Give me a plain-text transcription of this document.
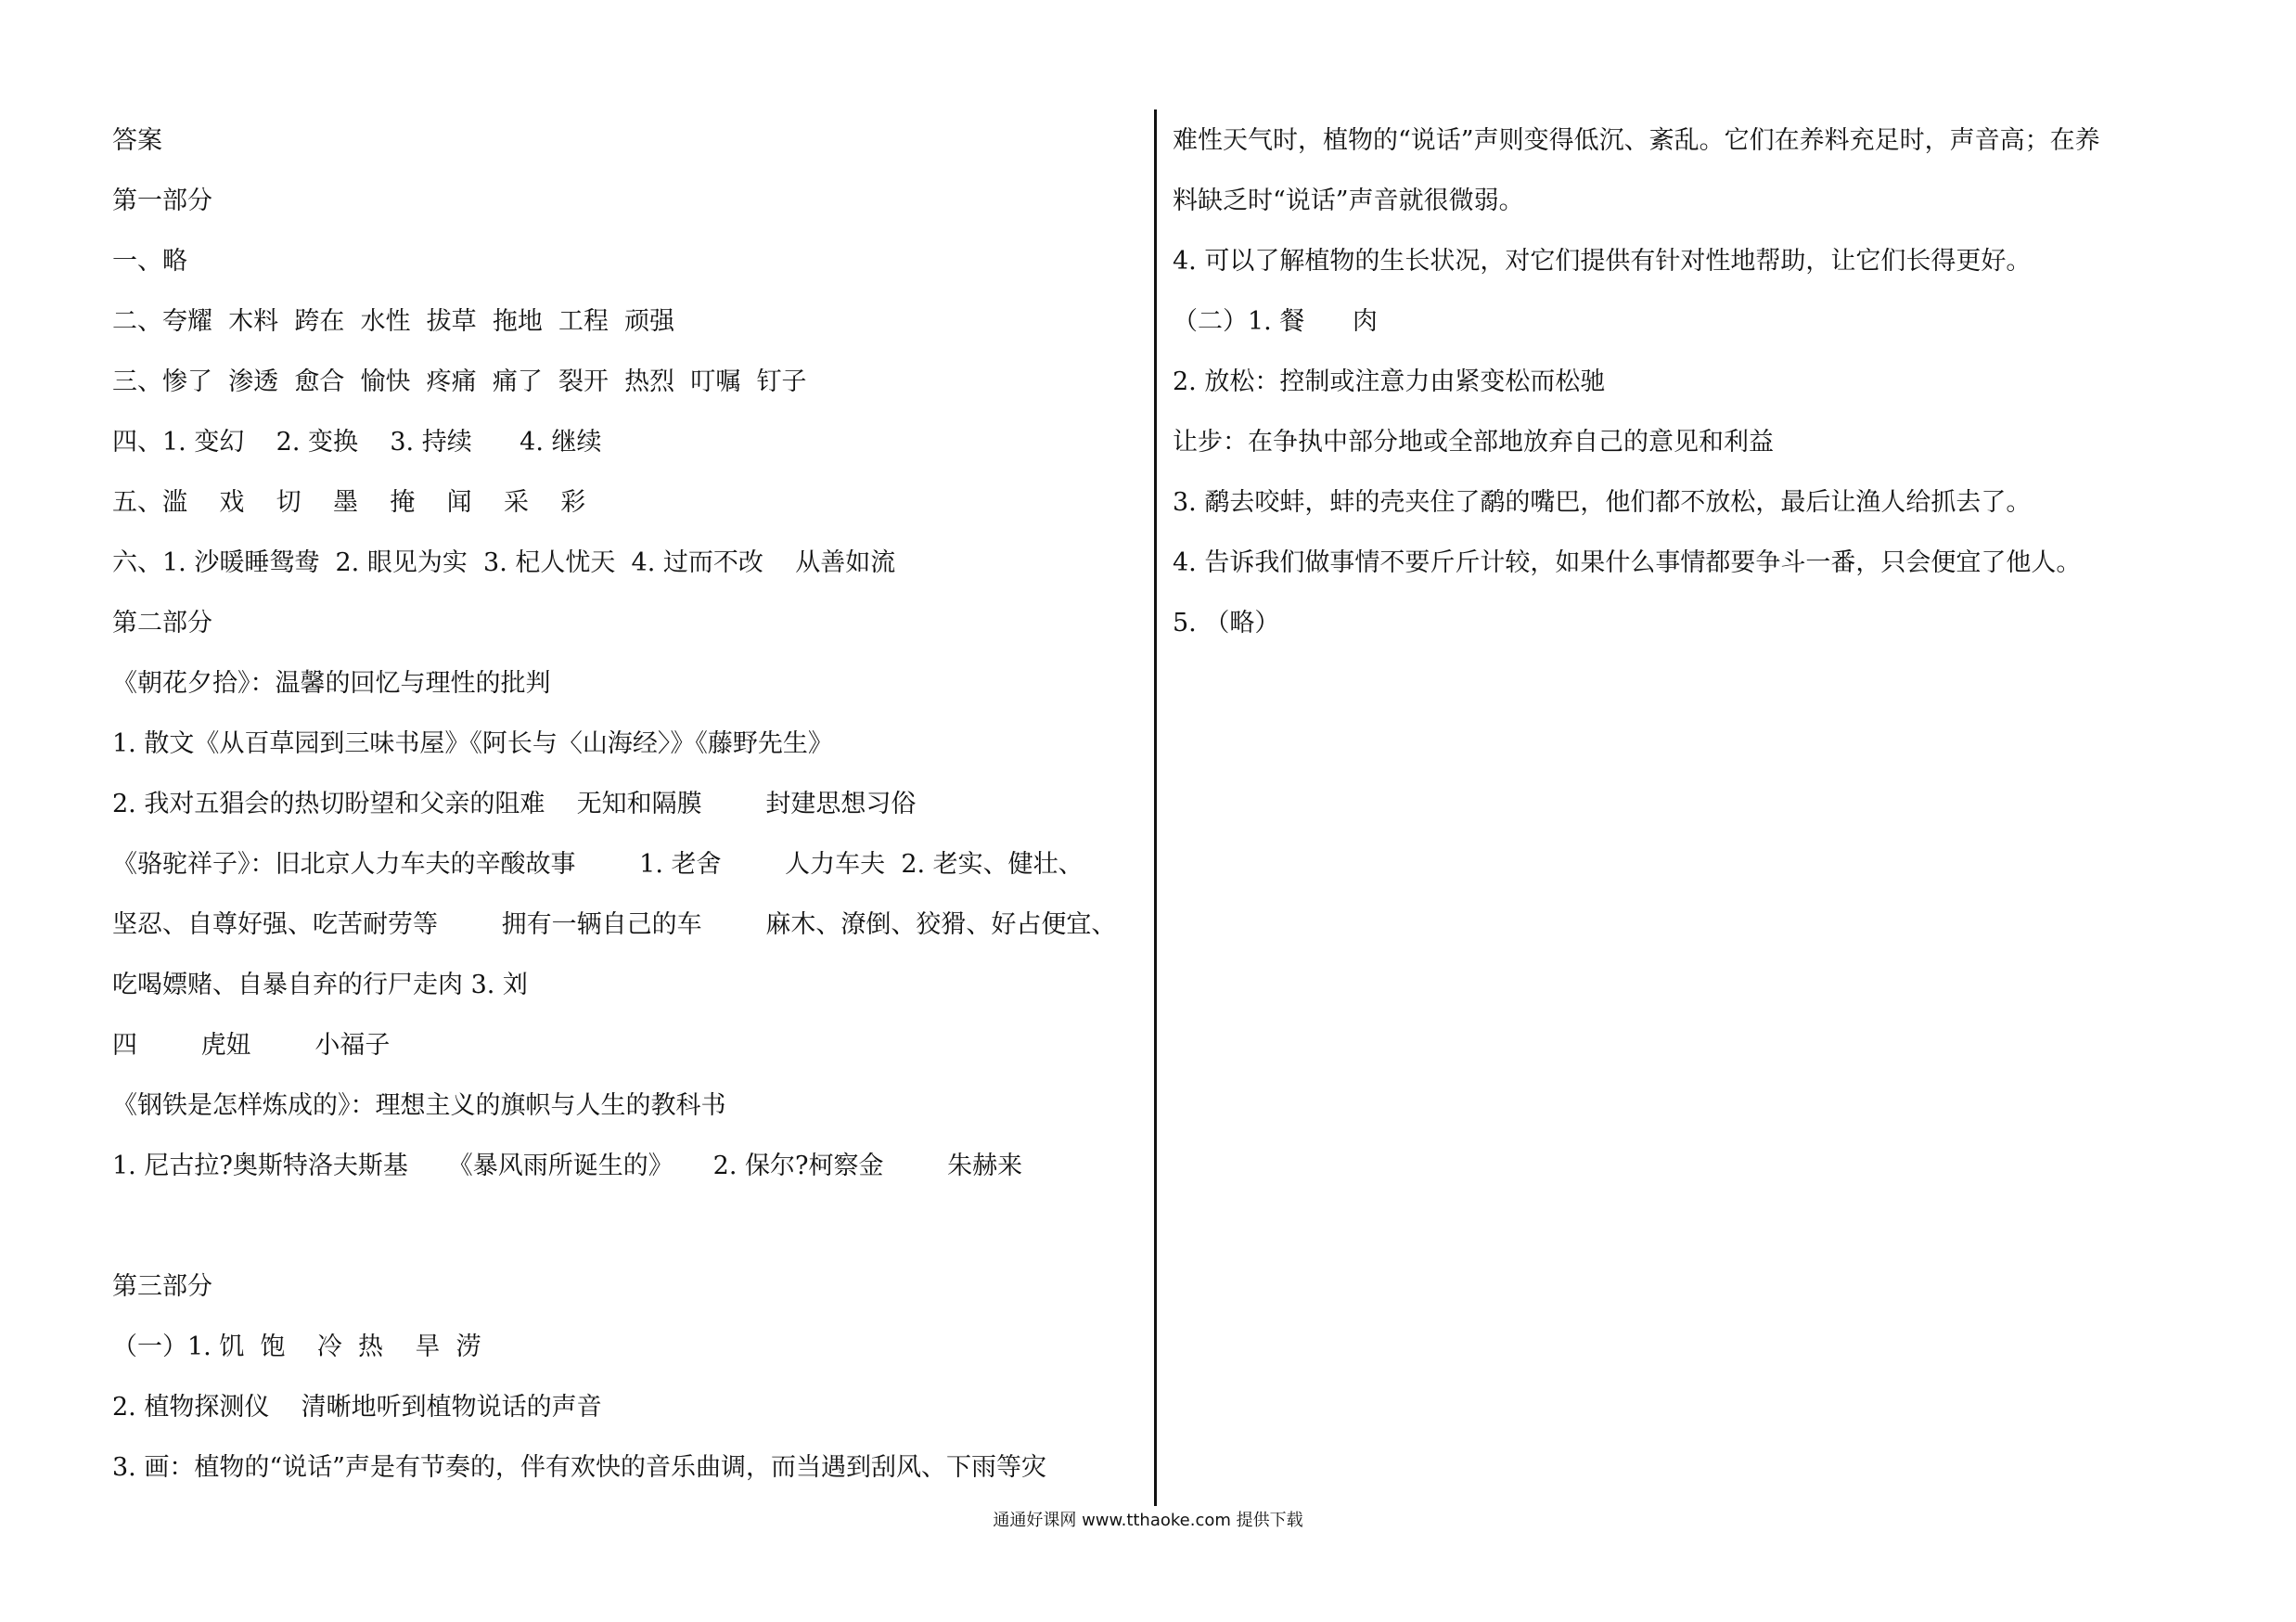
答案
第一部分
一、略
二、夸耀  木料  跨在  水性  拔草  拖地  工程  顽强
三、惨了  渗透  愈合  愉快  疼痛  痛了  裂开  热烈  叮嘱  钉子
四、1. 变幻    2. 变换    3. 持续      4. 继续
五、滥    戏    切    墨    掩    闻    采    彩
六、1. 沙暖睡鸳鸯  2. 眼见为实  3. 杞人忧天  4. 过而不改    从善如流
第二部分
《朝花夕拾》：温馨的回忆与理性的批判
1. 散文《从百草园到三味书屋》《阿长与〈山海经〉》《藤野先生》
2. 我对五猖会的热切盼望和父亲的阻难    无知和隔膜        封建思想习俗
《骆驼祥子》：旧北京人力车夫的辛酸故事        1. 老舍        人力车夫  2. 老实、健壮、
坚忍、自尊好强、吃苦耐劳等        拥有一辆自己的车        麻木、潦倒、狡猾、好占便宜、
吃喝嫖赌、自暴自弃的行尸走肉 3. 刘
四        虎妞        小福子
《钢铁是怎样炼成的》：理想主义的旗帜与人生的教科书
1. 尼古拉?奥斯特洛夫斯基     《暴风雨所诞生的》     2. 保尔?柯察金        朱赫来
第三部分
（一）1. 饥  饱    冷  热    旱  涝
2. 植物探测仪    清晰地听到植物说话的声音
3. 画：植物的“说话”声是有节奏的，伴有欢快的音乐曲调，而当遇到刮风、下雨等灾
难性天气时，植物的“说话”声则变得低沉、紊乱。它们在养料充足时，声音高；在养
料缺乏时“说话”声音就很微弱。
4. 可以了解植物的生长状况，对它们提供有针对性地帮助，让它们长得更好。
（二）1. 餐      肉
2. 放松：控制或注意力由紧变松而松驰
让步：在争执中部分地或全部地放弃自己的意见和利益
3. 鹬去咬蚌，蚌的壳夹住了鹬的嘴巴，他们都不放松，最后让渔人给抓去了。
4. 告诉我们做事情不要斤斤计较，如果什么事情都要争斗一番，只会便宜了他人。
5. （略）
通通好课网 www.tthaoke.com 提供下载
